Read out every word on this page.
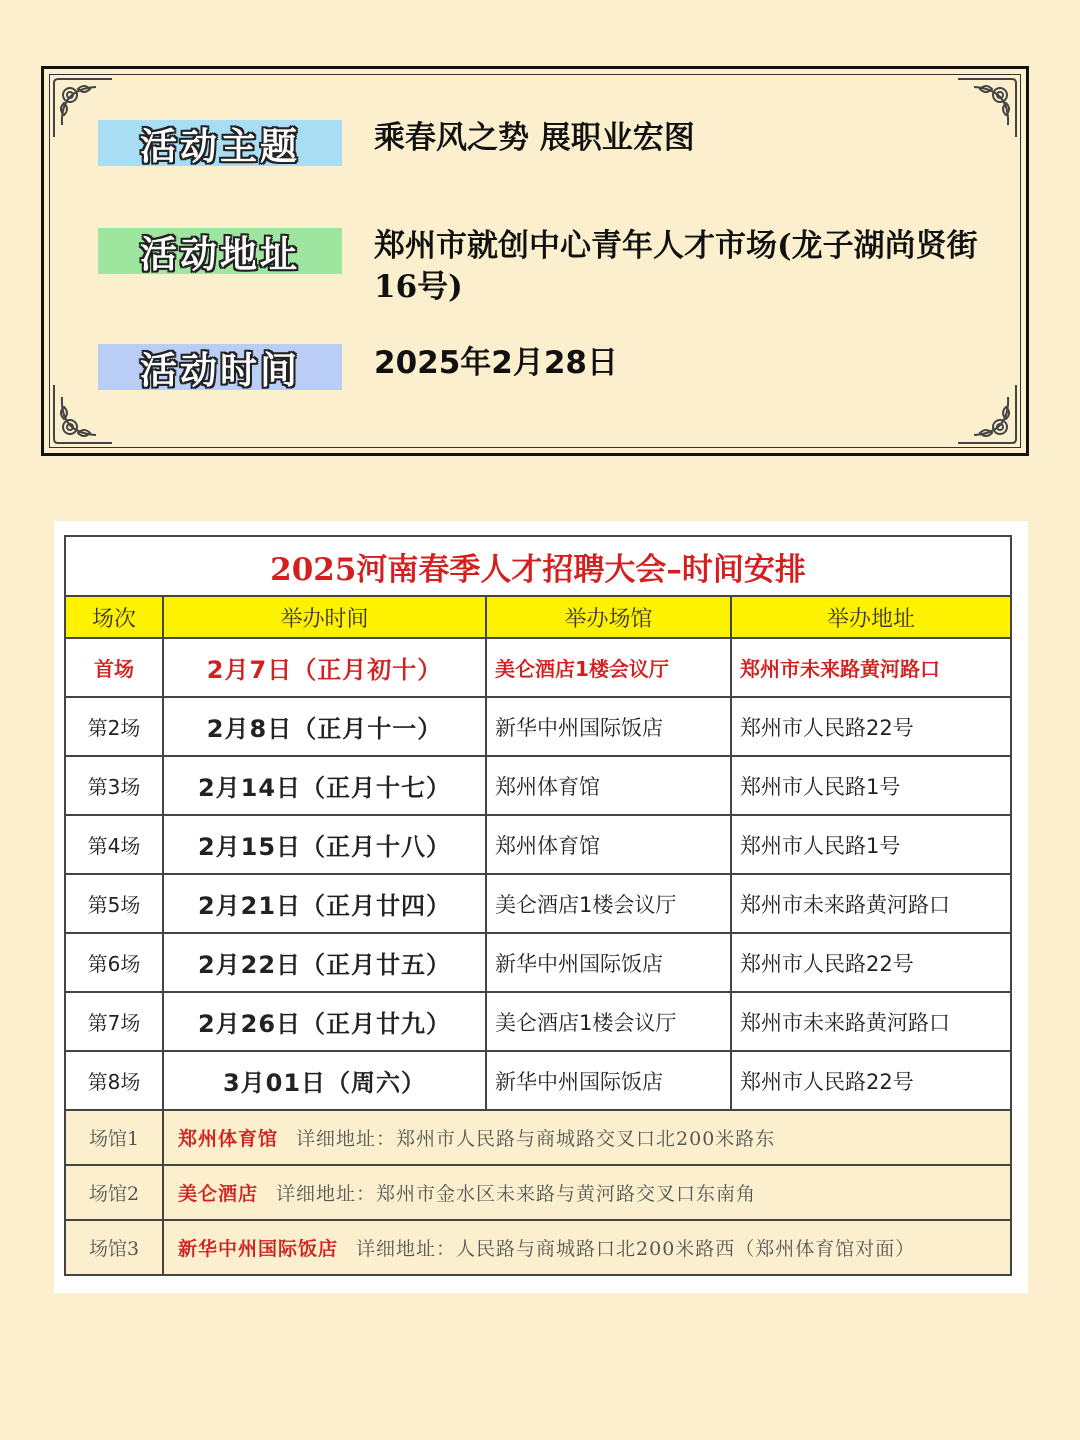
活动主题	乘春风之势 展职业宏图
活动地址	郑州市就创中心青年人才市场(龙子湖尚贤街16号)
活动时间	2025年2月28日
2025河南春季人才招聘大会–时间安排			
场次	举办时间	举办场馆	举办地址
首场	2月7日（正月初十）	美仑酒店1楼会议厅	郑州市未来路黄河路口
第2场	2月8日（正月十一）	新华中州国际饭店	郑州市人民路22号
第3场	2月14日（正月十七）	郑州体育馆	郑州市人民路1号
第4场	2月15日（正月十八）	郑州体育馆	郑州市人民路1号
第5场	2月21日（正月廿四）	美仑酒店1楼会议厅	郑州市未来路黄河路口
第6场	2月22日（正月廿五）	新华中州国际饭店	郑州市人民路22号
第7场	2月26日（正月廿九）	美仑酒店1楼会议厅	郑州市未来路黄河路口
第8场	3月01日（周六）	新华中州国际饭店	郑州市人民路22号
场馆1	郑州体育馆 详细地址：郑州市人民路与商城路交叉口北200米路东		
场馆2	美仑酒店 详细地址：郑州市金水区未来路与黄河路交叉口东南角		
场馆3	新华中州国际饭店 详细地址：人民路与商城路口北200米路西（郑州体育馆对面）		
